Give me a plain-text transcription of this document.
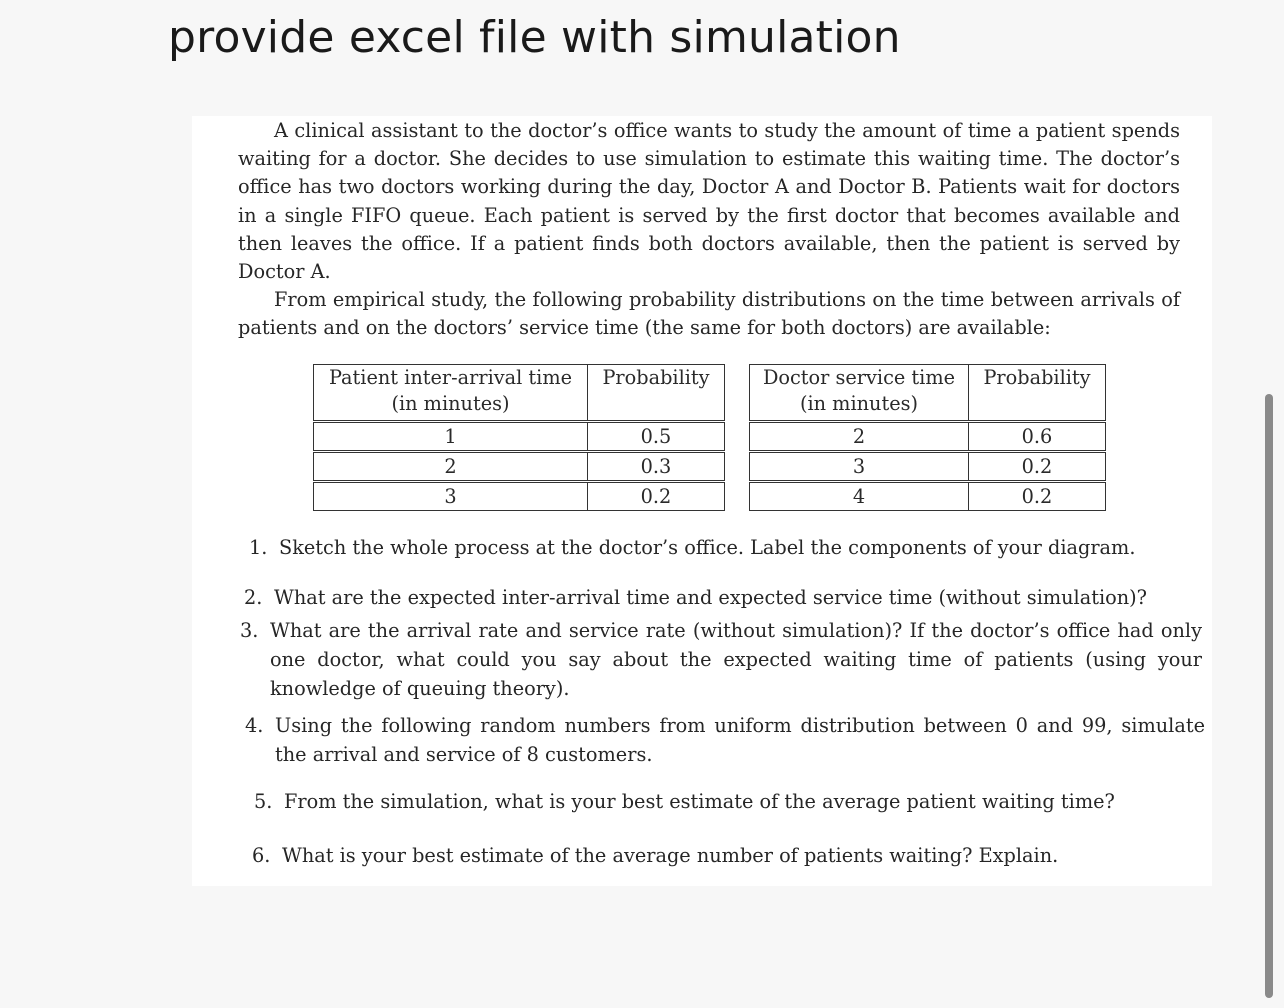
provide excel file with simulation

A clinical assistant to the doctor’s office wants to study the amount of time a patient spends waiting for a doctor. She decides to use simulation to estimate this waiting time. The doctor’s office has two doctors working during the day, Doctor A and Doctor B. Patients wait for doctors in a single FIFO queue. Each patient is served by the first doctor that becomes available and then leaves the office. If a patient finds both doctors available, then the patient is served by Doctor A.

From empirical study, the following probability distributions on the time between arrivals of patients and on the doctors’ service time (the same for both doctors) are available:

Patient inter-arrival time
(in minutes)	Probability
1	0.5
2	0.3
3	0.2
Doctor service time
(in minutes)	Probability
2	0.6
3	0.2
4	0.2
1. Sketch the whole process at the doctor’s office. Label the components of your diagram.
2. What are the expected inter-arrival time and expected service time (without simulation)?
3. What are the arrival rate and service rate (without simulation)? If the doctor’s office had only one doctor, what could you say about the expected waiting time of patients (using your knowledge of queuing theory).
4. Using the following random numbers from uniform distribution between 0 and 99, simulate the arrival and service of 8 customers.
5. From the simulation, what is your best estimate of the average patient waiting time?
6. What is your best estimate of the average number of patients waiting? Explain.
